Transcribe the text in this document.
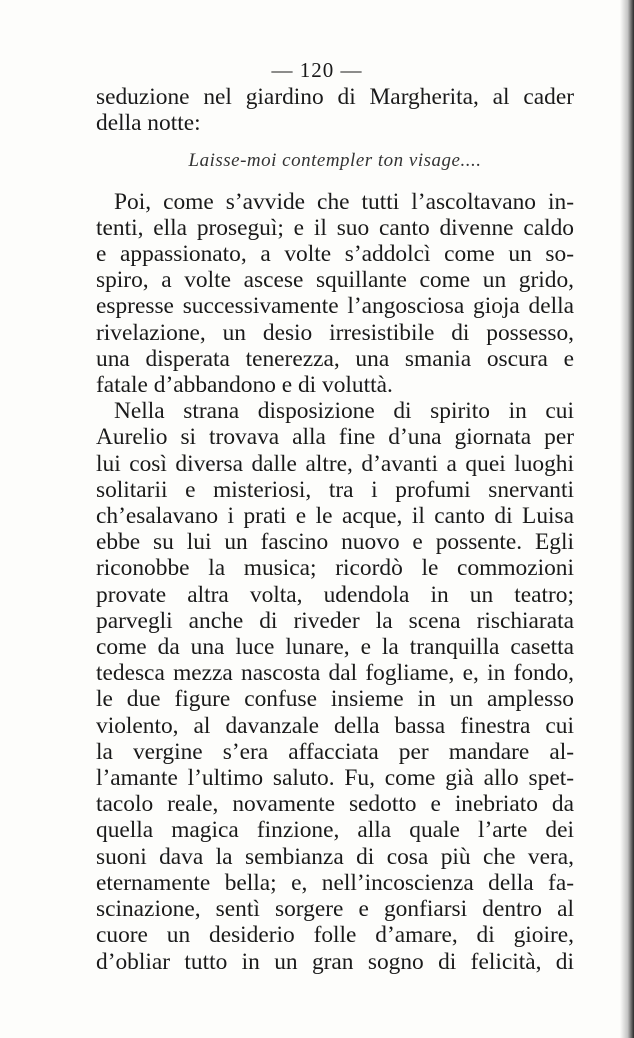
— 120 —
seduzione nel giardino di Margherita, al cader
della notte:
Laisse-moi contempler ton visage....
Poi, come s’avvide che tutti l’ascoltavano in-
tenti, ella proseguì; e il suo canto divenne caldo
e appassionato, a volte s’addolcì come un so-
spiro, a volte ascese squillante come un grido,
espresse successivamente l’angosciosa gioja della
rivelazione, un desio irresistibile di possesso,
una disperata tenerezza, una smania oscura e
fatale d’abbandono e di voluttà.
Nella strana disposizione di spirito in cui
Aurelio si trovava alla fine d’una giornata per
lui così diversa dalle altre, d’avanti a quei luoghi
solitarii e misteriosi, tra i profumi snervanti
ch’esalavano i prati e le acque, il canto di Luisa
ebbe su lui un fascino nuovo e possente. Egli
riconobbe la musica; ricordò le commozioni
provate altra volta, udendola in un teatro;
parvegli anche di riveder la scena rischiarata
come da una luce lunare, e la tranquilla casetta
tedesca mezza nascosta dal fogliame, e, in fondo,
le due figure confuse insieme in un amplesso
violento, al davanzale della bassa finestra cui
la vergine s’era affacciata per mandare al-
l’amante l’ultimo saluto. Fu, come già allo spet-
tacolo reale, novamente sedotto e inebriato da
quella magica finzione, alla quale l’arte dei
suoni dava la sembianza di cosa più che vera,
eternamente bella; e, nell’incoscienza della fa-
scinazione, sentì sorgere e gonfiarsi dentro al
cuore un desiderio folle d’amare, di gioire,
d’obliar tutto in un gran sogno di felicità, di
